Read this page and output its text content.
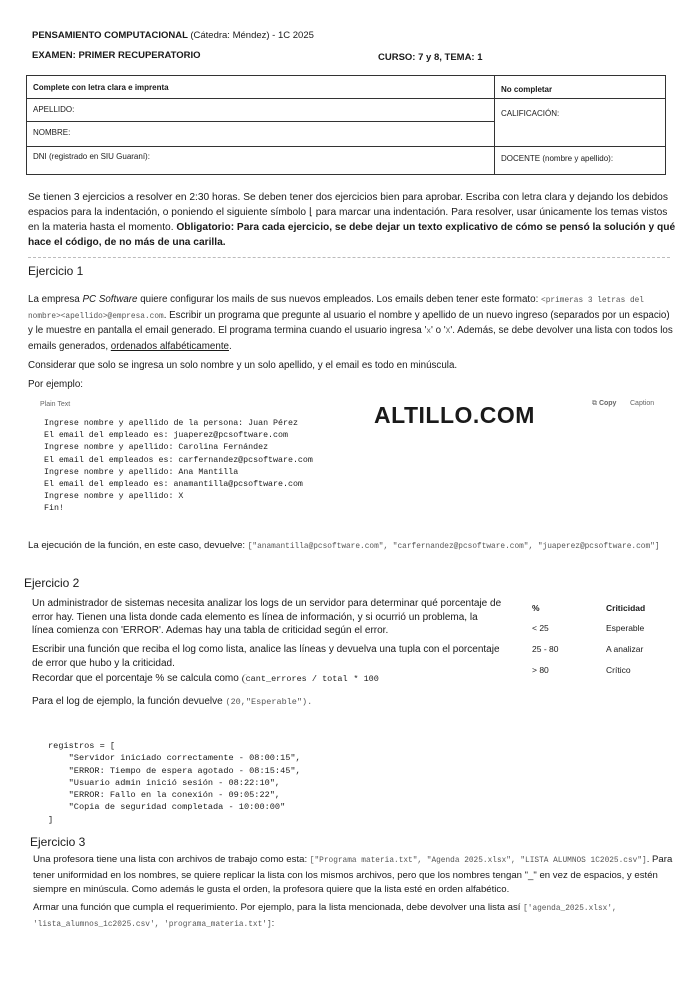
PENSAMIENTO COMPUTACIONAL (Cátedra: Méndez) - 1C 2025
EXAMEN: PRIMER RECUPERATORIO	CURSO: 7 y 8, TEMA: 1
Complete con letra clara e imprenta	No completar
APELLIDO:
NOMBRE:
DNI (registrado en SIU Guaraní):
CALIFICACIÓN:
DOCENTE (nombre y apellido):
Se tienen 3 ejercicios a resolver en 2:30 horas. Se deben tener dos ejercicios bien para aprobar. Escriba con letra clara y dejando los debidos espacios para la indentación, o poniendo el siguiente símbolo ⌊ para marcar una indentación. Para resolver, usar únicamente los temas vistos en la materia hasta el momento. Obligatorio: Para cada ejercicio, se debe dejar un texto explicativo de cómo se pensó la solución y qué hace el código, de no más de una carilla.
Ejercicio 1
La empresa PC Software quiere configurar los mails de sus nuevos empleados. Los emails deben tener este formato: <primeras 3 letras del nombre><apellido>@empresa.com. Escribir un programa que pregunte al usuario el nombre y apellido de un nuevo ingreso (separados por un espacio) y le muestre en pantalla el email generado. El programa termina cuando el usuario ingresa 'x' o 'X'. Además, se debe devolver una lista con todos los emails generados, ordenados alfabéticamente.
Considerar que solo se ingresa un solo nombre y un solo apellido, y el email es todo en minúscula.
Por ejemplo:
Plain Text	⧉ Copy Caption
ALTILLO.COM
Ingrese nombre y apellido de la persona: Juan Pérez
El email del empleado es: juaperez@pcsoftware.com
Ingrese nombre y apellido: Carolina Fernández
El email del empleados es: carfernandez@pcsoftware.com
Ingrese nombre y apellido: Ana Mantilla
El email del empleado es: anamantilla@pcsoftware.com
Ingrese nombre y apellido: X
Fin!
La ejecución de la función, en este caso, devuelve: ["anamantilla@pcsoftware.com", "carfernandez@pcsoftware.com", "juaperez@pcsoftware.com"]
Ejercicio 2
Un administrador de sistemas necesita analizar los logs de un servidor para determinar qué porcentaje de error hay. Tienen una lista donde cada elemento es línea de información, y si ocurrió un problema, la línea comienza con 'ERROR'. Ademas hay una tabla de criticidad según el error.
Escribir una función que reciba el log como lista, analice las líneas y devuelva una tupla con el porcentaje de error que hubo y la criticidad.
Recordar que el porcentaje % se calcula como cant_errores / total * 100
Para el log de ejemplo, la función devuelve (20,"Esperable").
%	Criticidad
< 25	Esperable
25 - 80	A analizar
> 80	Crítico
registros = [
"Servidor iniciado correctamente - 08:00:15",
"ERROR: Tiempo de espera agotado - 08:15:45",
"Usuario admin inició sesión - 08:22:10",
"ERROR: Fallo en la conexión - 09:05:22",
"Copia de seguridad completada - 10:00:00"
]
Ejercicio 3
Una profesora tiene una lista con archivos de trabajo como esta: ["Programa materia.txt", "Agenda 2025.xlsx", "LISTA ALUMNOS 1C2025.csv"]. Para tener uniformidad en los nombres, se quiere replicar la lista con los mismos archivos, pero que los nombres tengan "_" en vez de espacios, y estén siempre en minúscula. Como además le gusta el orden, la profesora quiere que la lista esté en orden alfabético.
Armar una función que cumpla el requerimiento. Por ejemplo, para la lista mencionada, debe devolver una lista así ['agenda_2025.xlsx', 'lista_alumnos_1c2025.csv', 'programa_materia.txt']:
